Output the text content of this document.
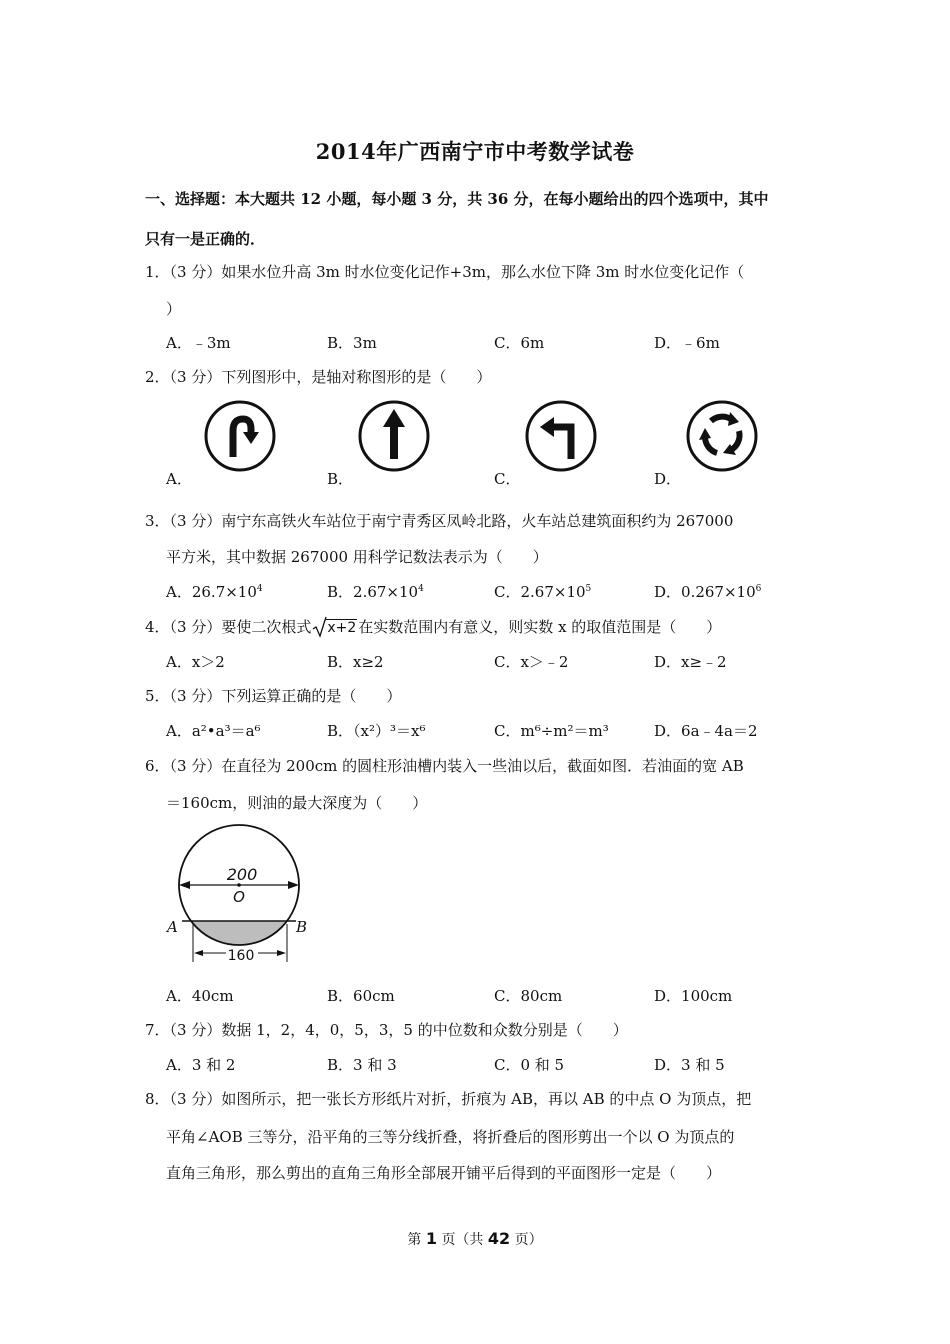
2014年广西南宁市中考数学试卷
一、选择题：本大题共 12 小题，每小题 3 分，共 36 分，在每小题给出的四个选项中，其中
只有一是正确的．
1．（3 分）如果水位升高 3m 时水位变化记作+3m，那么水位下降 3m 时水位变化记作（
）
A．﹣3m	B．3m	C．6m	D．﹣6m
2．（3 分）下列图形中，是轴对称图形的是（　　）
A．	B．	C．	D．
3．（3 分）南宁东高铁火车站位于南宁青秀区凤岭北路，火车站总建筑面积约为 267000
平方米，其中数据 267000 用科学记数法表示为（　　）
A．$26.7\times 10^4$	B．$2.67\times 10^4$	C．$2.67\times 10^5$	D．$0.267\times 10^6$
4．（3 分）要使二次根式 x+2 在实数范围内有意义，则实数 x 的取值范围是（　　）
A．x＞2	B．x≥2	C．x＞﹣2	D．x≥﹣2
5．（3 分）下列运算正确的是（　　）
A．a²•a³＝a⁶	B．（x²）³＝x⁶	C．m⁶÷m²＝m³	D．6a﹣4a＝2
6．（3 分）在直径为 200cm 的圆柱形油槽内装入一些油以后，截面如图．若油面的宽 AB
＝160cm，则油的最大深度为（　　）
200
O
A	B
160
A．40cm	B．60cm	C．80cm	D．100cm
7．（3 分）数据 1，2，4，0，5，3，5 的中位数和众数分别是（　　）
A．3 和 2	B．3 和 3	C．0 和 5	D．3 和 5
8．（3 分）如图所示，把一张长方形纸片对折，折痕为 AB，再以 AB 的中点 O 为顶点，把
平角∠AOB 三等分，沿平角的三等分线折叠，将折叠后的图形剪出一个以 O 为顶点的
直角三角形，那么剪出的直角三角形全部展开铺平后得到的平面图形一定是（　　）
第 1 页（共 42 页）
